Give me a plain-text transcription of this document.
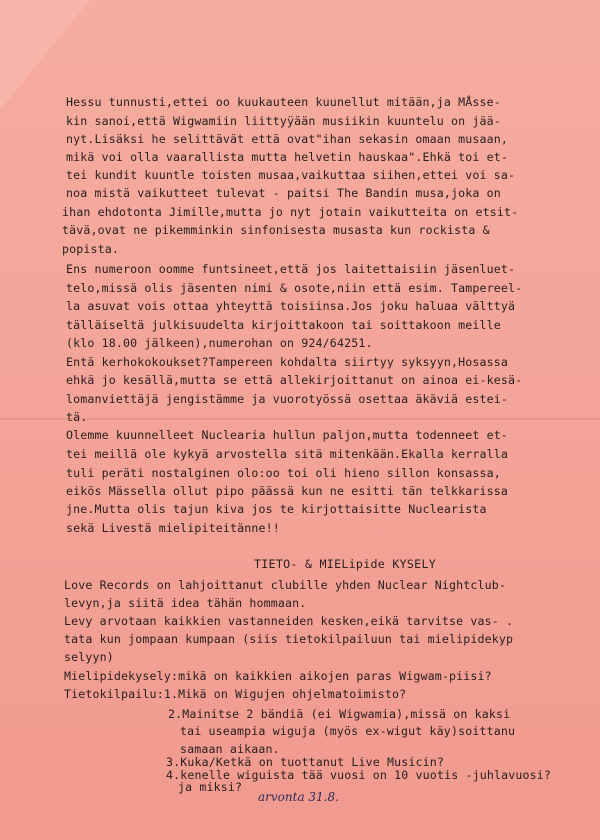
Hessu tunnusti,ettei oo kuukauteen kuunellut mitään,ja MÅsse-
kin sanoi,että Wigwamiin liittyÿään musiikin kuuntelu on jää-
nyt.Lisäksi he selittävät että ovat"ihan sekasin omaan musaan,
mikä voi olla vaarallista mutta helvetin hauskaa".Ehkä toi et-
tei kundit kuuntle toisten musaa,vaikuttaa siihen,ettei voi sa-
noa mistä vaikutteet tulevat - paitsi The Bandin musa,joka on
ihan ehdotonta Jimille,mutta jo nyt jotain vaikutteita on etsit-
tävä,ovat ne pikemminkin sinfonisesta musasta kun rockista &
popista.
Ens numeroon oomme funtsineet,että jos laitettaisiin jäsenluet-
telo,missä olis jäsenten nimi & osote,niin että esim. Tampereel-
la asuvat vois ottaa yhteyttä toisiinsa.Jos joku haluaa välttyä
tälläiseltä julkisuudelta kirjoittakoon tai soittakoon meille
(klo 18.00 jälkeen),numerohan on 924/64251.
Entä kerhokokoukset?Tampereen kohdalta siirtyy syksyyn,Hosassa
ehkä jo kesällä,mutta se että allekirjoittanut on ainoa ei-kesä-
lomanviettäjä jengistämme ja vuorotyössä osettaa äkäviä estei-
tä.
Olemme kuunnelleet Nuclearia hullun paljon,mutta todenneet et-
tei meillä ole kykyä arvostella sitä mitenkään.Ekalla kerralla
tuli peräti nostalginen olo:oo toi oli hieno sillon konsassa,
eikös Mässella ollut pipo päässä kun ne esitti tän telkkarissa
jne.Mutta olis tajun kiva jos te kirjottaisitte Nuclearista
sekä Livestä mielipiteitänne!!
TIETO- & MIELipide KYSELY
Love Records on lahjoittanut clubille yhden Nuclear Nightclub-
levyn,ja siitä idea tähän hommaan.
Levy arvotaan kaikkien vastanneiden kesken,eikä tarvitse vas- .
tata kun jompaan kumpaan (siis tietokilpailuun tai mielipidekyp
selyyn)
Mielipidekysely:mikä on kaikkien aikojen paras Wigwam-piisi?
Tietokilpailu:1.Mikä on Wigujen ohjelmatoimisto?
2.Mainitse 2 bändiä (ei Wigwamia),missä on kaksi
tai useampia wiguja (myös ex-wigut käy)soittanu
samaan aikaan.
3.Kuka/Ketkä on tuottanut Live Musicin?
4.kenelle wiguista tää vuosi on 10 vuotis -juhlavuosi?
ja miksi?
arvonta 31.8.
